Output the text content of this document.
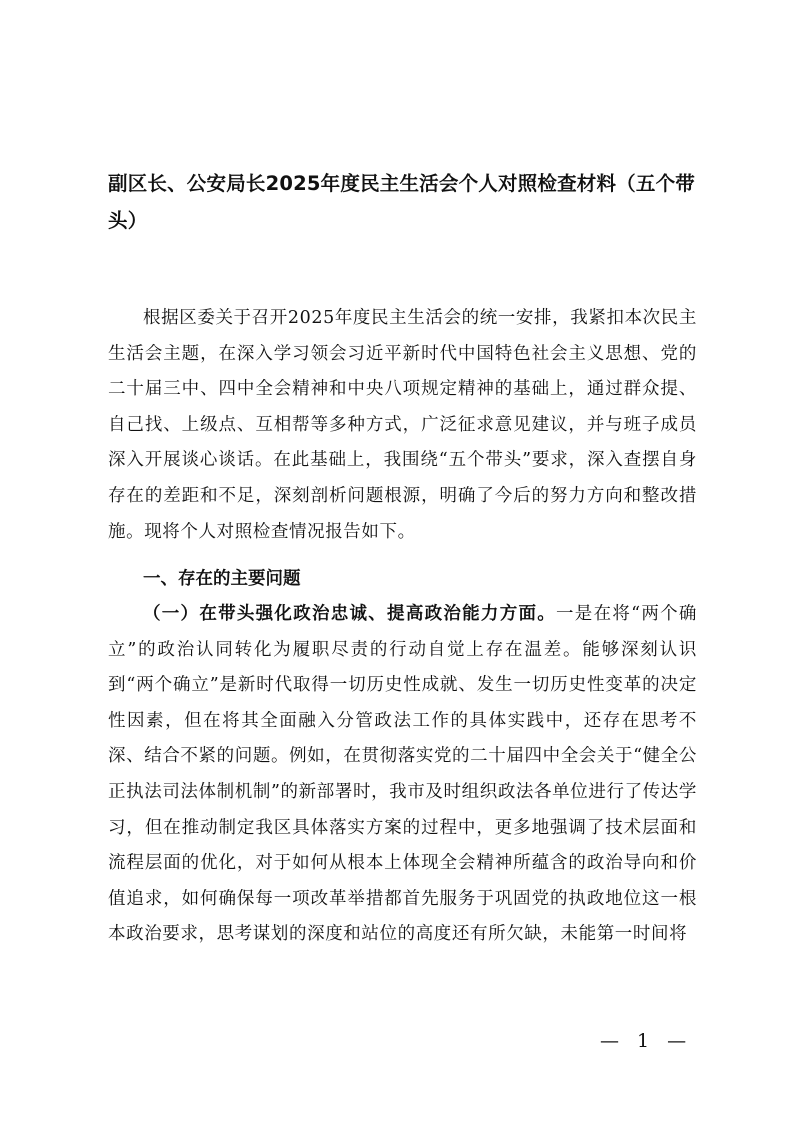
副区长、公安局长2025年度民主生活会个人对照检查材料（五个带头）

根据区委关于召开2025年度民主生活会的统一安排，我紧扣本次民主生活会主题，在深入学习领会习近平新时代中国特色社会主义思想、党的二十届三中、四中全会精神和中央八项规定精神的基础上，通过群众提、自己找、上级点、互相帮等多种方式，广泛征求意见建议，并与班子成员深入开展谈心谈话。在此基础上，我围绕“五个带头”要求，深入查摆自身存在的差距和不足，深刻剖析问题根源，明确了今后的努力方向和整改措施。现将个人对照检查情况报告如下。

一、存在的主要问题

（一）在带头强化政治忠诚、提高政治能力方面。一是在将“两个确立”的政治认同转化为履职尽责的行动自觉上存在温差。能够深刻认识到“两个确立”是新时代取得一切历史性成就、发生一切历史性变革的决定性因素，但在将其全面融入分管政法工作的具体实践中，还存在思考不深、结合不紧的问题。例如，在贯彻落实党的二十届四中全会关于“健全公正执法司法体制机制”的新部署时，我市及时组织政法各单位进行了传达学习，但在推动制定我区具体落实方案的过程中，更多地强调了技术层面和流程层面的优化，对于如何从根本上体现全会精神所蕴含的政治导向和价值追求，如何确保每一项改革举措都首先服务于巩固党的执政地位这一根本政治要求，思考谋划的深度和站位的高度还有所欠缺，未能第一时间将

— 1 —
